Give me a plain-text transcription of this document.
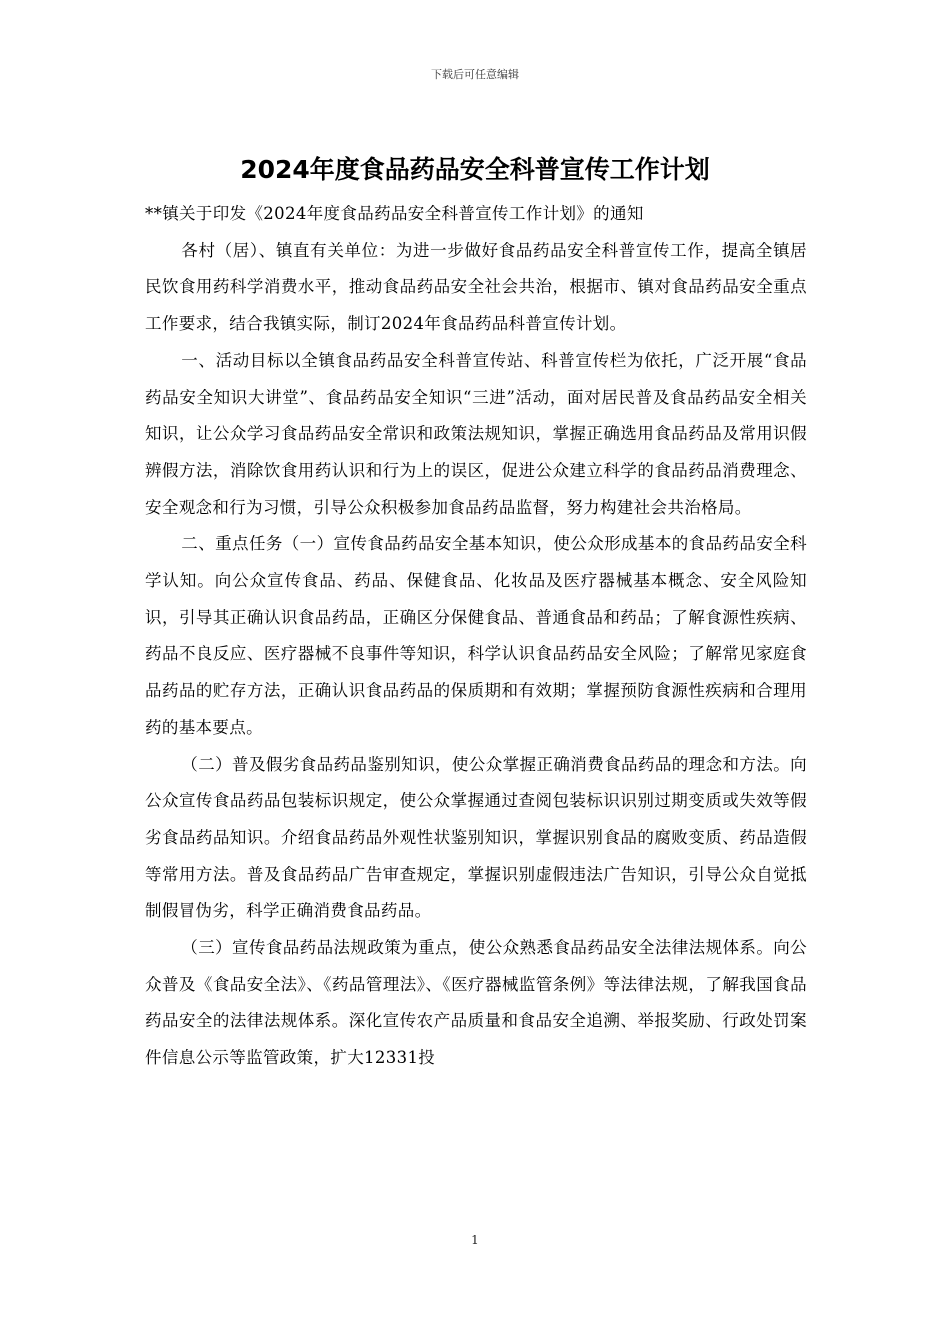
下载后可任意编辑
2024年度食品药品安全科普宣传工作计划

**镇关于印发《2024年度食品药品安全科普宣传工作计划》的通知

各村（居）、镇直有关单位：为进一步做好食品药品安全科普宣传工作，提高全镇居民饮食用药科学消费水平，推动食品药品安全社会共治，根据市、镇对食品药品安全重点工作要求，结合我镇实际，制订2024年食品药品科普宣传计划。

一、活动目标以全镇食品药品安全科普宣传站、科普宣传栏为依托，广泛开展“食品药品安全知识大讲堂”、食品药品安全知识“三进”活动，面对居民普及食品药品安全相关知识，让公众学习食品药品安全常识和政策法规知识，掌握正确选用食品药品及常用识假辨假方法，消除饮食用药认识和行为上的误区，促进公众建立科学的食品药品消费理念、安全观念和行为习惯，引导公众积极参加食品药品监督，努力构建社会共治格局。

二、重点任务（一）宣传食品药品安全基本知识，使公众形成基本的食品药品安全科学认知。向公众宣传食品、药品、保健食品、化妆品及医疗器械基本概念、安全风险知识，引导其正确认识食品药品，正确区分保健食品、普通食品和药品；了解食源性疾病、药品不良反应、医疗器械不良事件等知识，科学认识食品药品安全风险；了解常见家庭食品药品的贮存方法，正确认识食品药品的保质期和有效期；掌握预防食源性疾病和合理用药的基本要点。

（二）普及假劣食品药品鉴别知识，使公众掌握正确消费食品药品的理念和方法。向公众宣传食品药品包装标识规定，使公众掌握通过查阅包装标识识别过期变质或失效等假劣食品药品知识。介绍食品药品外观性状鉴别知识，掌握识别食品的腐败变质、药品造假等常用方法。普及食品药品广告审查规定，掌握识别虚假违法广告知识，引导公众自觉抵制假冒伪劣，科学正确消费食品药品。

（三）宣传食品药品法规政策为重点，使公众熟悉食品药品安全法律法规体系。向公众普及《食品安全法》、《药品管理法》、《医疗器械监管条例》等法律法规，了解我国食品药品安全的法律法规体系。深化宣传农产品质量和食品安全追溯、举报奖励、行政处罚案件信息公示等监管政策，扩大12331投

1
